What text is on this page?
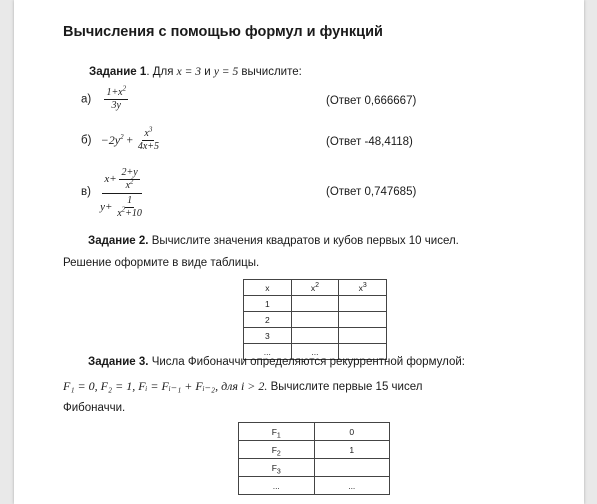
Вычисления с помощью формул и функций
Задание 1. Для x = 3 и y = 5 вычислите:
$а) \frac{1+x^2}{3y}$	(Ответ 0,666667)
$б) -2y^2 + \frac{x^3}{4x+5}$	(Ответ -48,4118)
$в) \frac{x+ \frac{2+y}{x^2}}{y+ \frac{1}{x^2+10}}$	(Ответ 0,747685)
Задание 2. Вычислите значения квадратов и кубов первых 10 чисел.
Решение оформите в виде таблицы.
x	$x^2$	$x^3$
1		
2		
3		
...	...	
Задание 3. Числа Фибоначчи определяются рекуррентной формулой:
F₁ = 0, F₂ = 1, Fᵢ = Fᵢ₋₁ + Fᵢ₋₂, для i > 2. Вычислите первые 15 чисел
Фибоначчи.
$F_1$	0
$F_2$	1
$F_3$	
...	...
